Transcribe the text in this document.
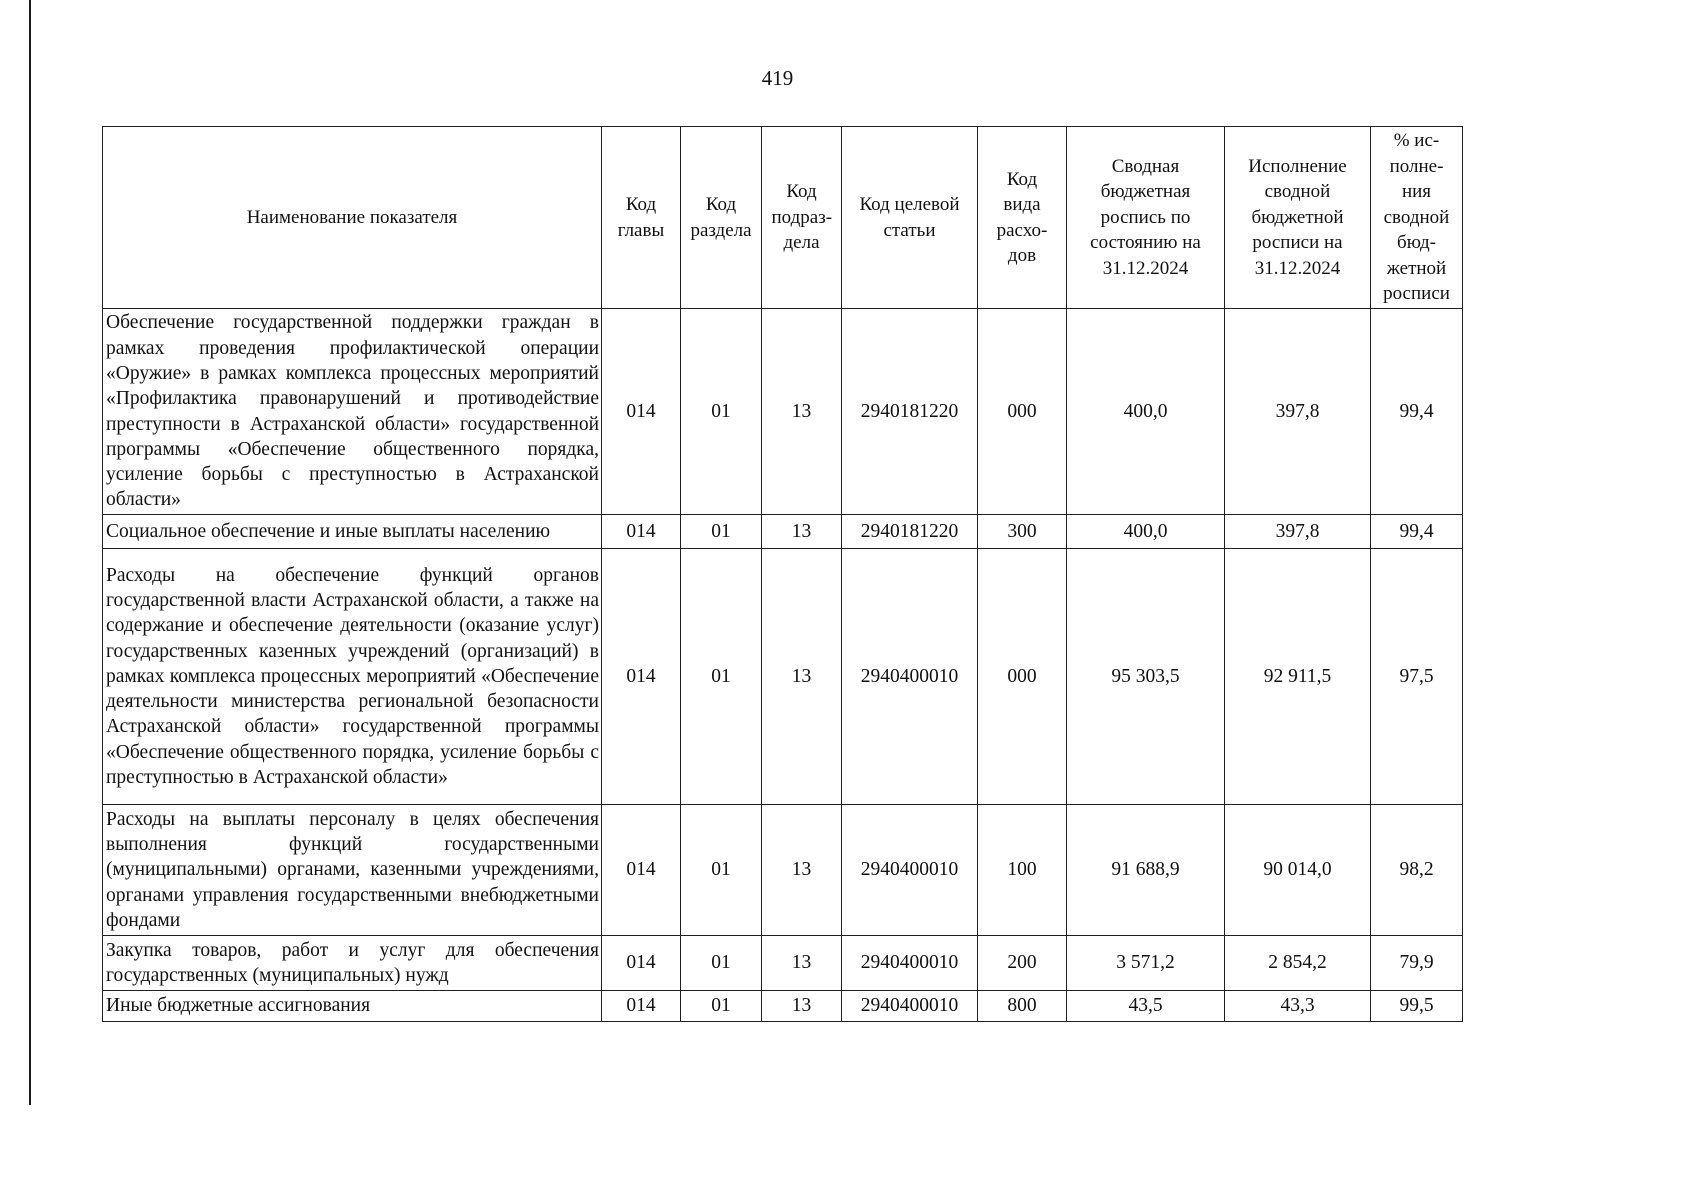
419
Наименование показателя	Код главы	Код раздела	Код подраз-дела	Код целевой статьи	Код вида расхо-дов	Сводная бюджетная роспись по состоянию на 31.12.2024	Исполнение сводной бюджетной росписи на 31.12.2024	% ис-полне-ния сводной бюд-жетной росписи

Обеспечение государственной поддержки граждан в рамках проведения профилактической операции «Оружие» в рамках комплекса процессных мероприятий «Профилактика правонарушений и противодействие преступности в Астраханской области» государственной программы «Обеспечение общественного порядка, усиление борьбы с преступностью в Астраханской области»	014	01	13	2940181220	000	400,0	397,8	99,4
Социальное обеспечение и иные выплаты населению	014	01	13	2940181220	300	400,0	397,8	99,4
Расходы на обеспечение функций органов государственной власти Астраханской области, а также на содержание и обеспечение деятельности (оказание услуг) государственных казенных учреждений (организаций) в рамках комплекса процессных мероприятий «Обеспечение деятельности министерства региональной безопасности Астраханской области» государственной программы «Обеспечение общественного порядка, усиление борьбы с преступностью в Астраханской области»	014	01	13	2940400010	000	95 303,5	92 911,5	97,5
Расходы на выплаты персоналу в целях обеспечения выполнения функций государственными (муниципальными) органами, казенными учреждениями, органами управления государственными внебюджетными фондами	014	01	13	2940400010	100	91 688,9	90 014,0	98,2
Закупка товаров, работ и услуг для обеспечения государственных (муниципальных) нужд	014	01	13	2940400010	200	3 571,2	2 854,2	79,9
Иные бюджетные ассигнования	014	01	13	2940400010	800	43,5	43,3	99,5
